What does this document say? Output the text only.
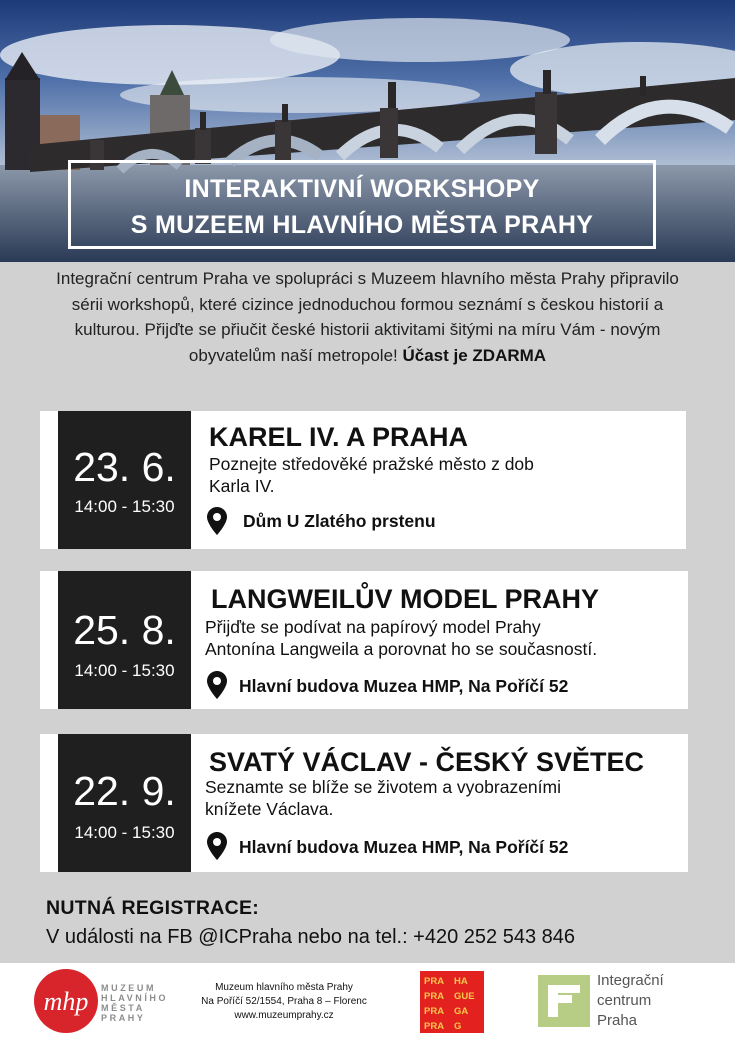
INTERAKTIVNÍ WORKSHOPY
S MUZEEM HLAVNÍHO MĚSTA PRAHY
Integrační centrum Praha ve spolupráci s Muzeem hlavního města Prahy připravilo sérii workshopů, které cizince jednoduchou formou seznámí s českou historií a kulturou. Přijďte se přiučit české historii aktivitami šitými na míru Vám - novým obyvatelům naší metropole! Účast je ZDARMA
23. 6.
14:00 - 15:30
KAREL IV. A PRAHA
Poznejte středověké pražské město z dob
Karla IV.
Dům U Zlatého prstenu
25. 8.
14:00 - 15:30
LANGWEILŮV MODEL PRAHY
Přijďte se podívat na papírový model Prahy
Antonína Langweila a porovnat ho se současností.
Hlavní budova Muzea HMP, Na Poříčí 52
22. 9.
14:00 - 15:30
SVATÝ VÁCLAV - ČESKÝ SVĚTEC
Seznamte se blíže se životem a vyobrazeními
knížete Václava.
Hlavní budova Muzea HMP, Na Poříčí 52
NUTNÁ REGISTRACE:
V události na FB @ICPraha nebo na tel.: +420 252 543 846
mhp MUZEUM
HLAVNÍHO
MĚSTA
PRAHY
Muzeum hlavního města Prahy
Na Poříčí 52/1554, Praha 8 – Florenc
www.muzeumprahy.cz
PRA
PRA
PRA
PRA
HA
GUE
GA
G
Integrační
centrum
Praha
